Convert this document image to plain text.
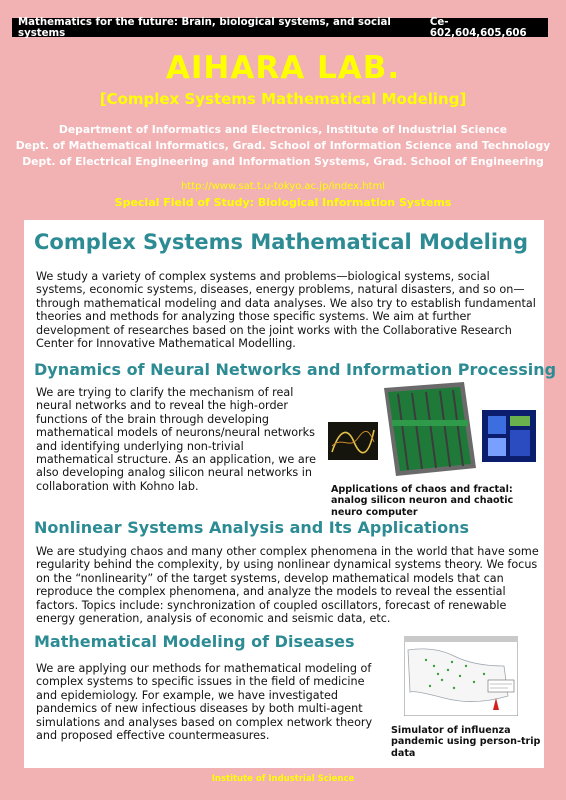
Mathematics for the future: Brain, biological systems, and social systems
Ce-602,604,605,606
AIHARA LAB.
[Complex Systems Mathematical Modeling]
Department of Informatics and Electronics, Institute of Industrial Science
Dept. of Mathematical Informatics, Grad. School of Information Science and Technology
Dept. of Electrical Engineering and Information Systems, Grad. School of Engineering
http://www.sat.t.u-tokyo.ac.jp/index.html
Special Field of Study: Biological Information Systems
Complex Systems Mathematical Modeling

We study a variety of complex systems and problems—biological systems, social systems, economic systems, diseases, energy problems, natural disasters, and so on—through mathematical modeling and data analyses. We also try to establish fundamental theories and methods for analyzing those specific systems. We aim at further development of researches based on the joint works with the Collaborative Research Center for Innovative Mathematical Modelling.

Dynamics of Neural Networks and Information Processing

We are trying to clarify the mechanism of real neural networks and to reveal the high-order functions of the brain through developing mathematical models of neurons/neural networks and identifying underlying non-trivial mathematical structure. As an application, we are also developing analog silicon neural networks in collaboration with Kohno lab.	Applications of chaos and fractal: analog silicon neuron and chaotic neuro computer

Nonlinear Systems Analysis and Its Applications

We are studying chaos and many other complex phenomena in the world that have some regularity behind the complexity, by using nonlinear dynamical systems theory. We focus on the “nonlinearity” of the target systems, develop mathematical models that can reproduce the complex phenomena, and analyze the models to reveal the essential factors. Topics include: synchronization of coupled oscillators, forecast of renewable energy generation, analysis of economic and seismic data, etc.

Mathematical Modeling of Diseases

We are applying our methods for mathematical modeling of complex systems to specific issues in the field of medicine and epidemiology. For example, we have investigated pandemics of new infectious diseases by both multi-agent simulations and analyses based on complex network theory and proposed effective countermeasures.	Simulator of influenza pandemic using person-trip data

Institute of Industrial Science
